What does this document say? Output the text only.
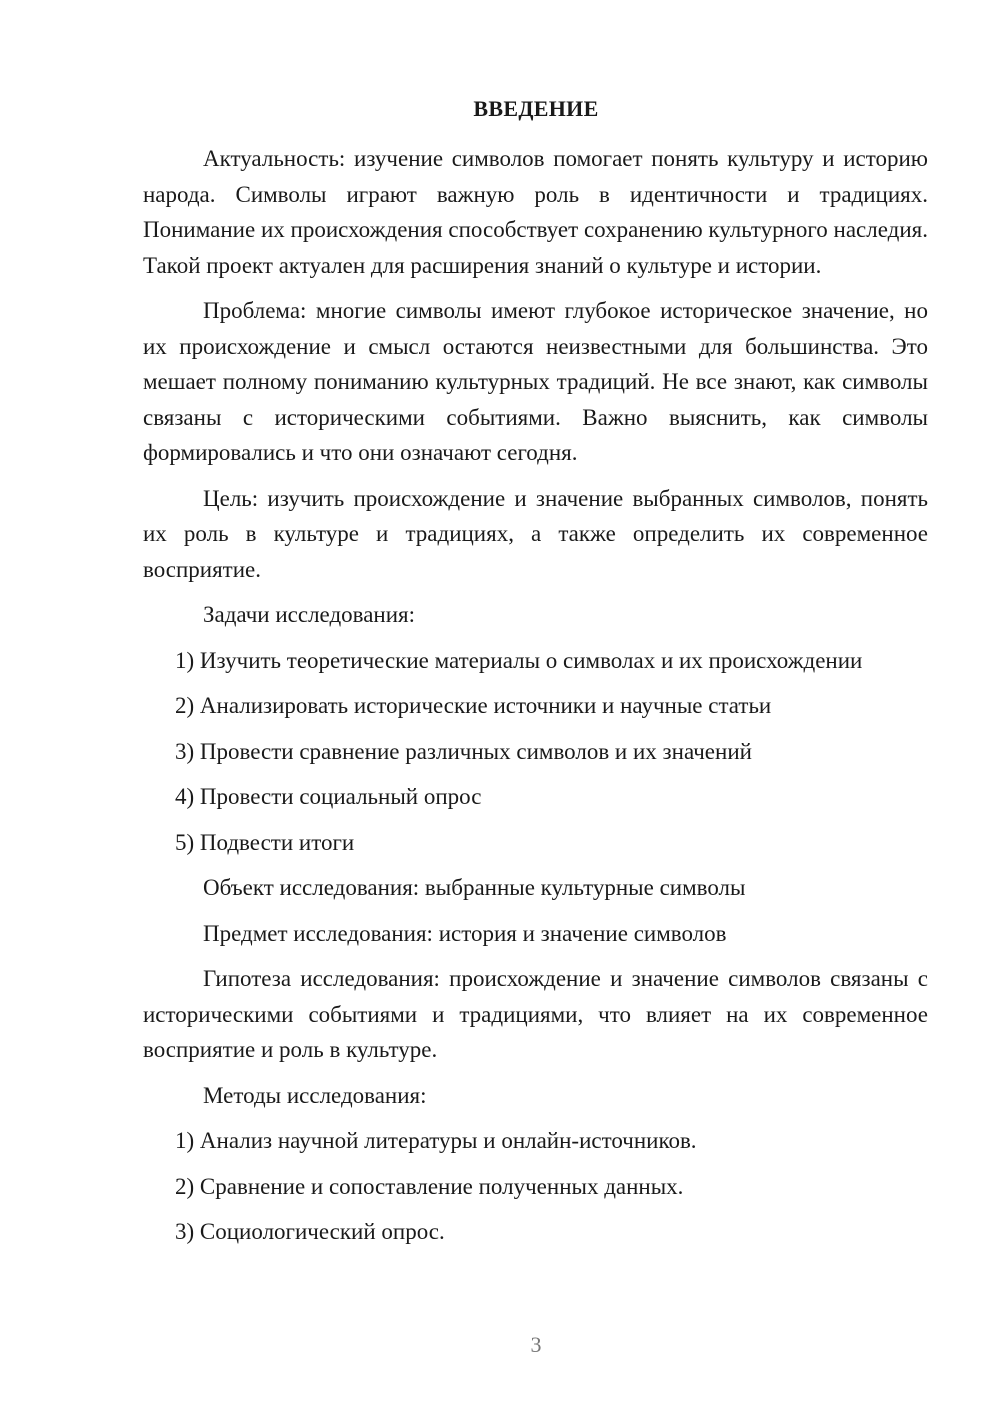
ВВЕДЕНИЕ

Актуальность: изучение символов помогает понять культуру и историю народа. Символы играют важную роль в идентичности и традициях. Понимание их происхождения способствует сохранению культурного наследия. Такой проект актуален для расширения знаний о культуре и истории.

Проблема: многие символы имеют глубокое историческое значение, но их происхождение и смысл остаются неизвестными для большинства. Это мешает полному пониманию культурных традиций. Не все знают, как символы связаны с историческими событиями. Важно выяснить, как символы формировались и что они означают сегодня.

Цель: изучить происхождение и значение выбранных символов, понять их роль в культуре и традициях, а также определить их современное восприятие.

Задачи исследования:

1) Изучить теоретические материалы о символах и их происхождении

2) Анализировать исторические источники и научные статьи

3) Провести сравнение различных символов и их значений

4) Провести социальный опрос

5) Подвести итоги

Объект исследования: выбранные культурные символы

Предмет исследования: история и значение символов

Гипотеза исследования: происхождение и значение символов связаны с историческими событиями и традициями, что влияет на их современное восприятие и роль в культуре.

Методы исследования:

1) Анализ научной литературы и онлайн-источников.

2) Сравнение и сопоставление полученных данных.

3) Социологический опрос.

3
